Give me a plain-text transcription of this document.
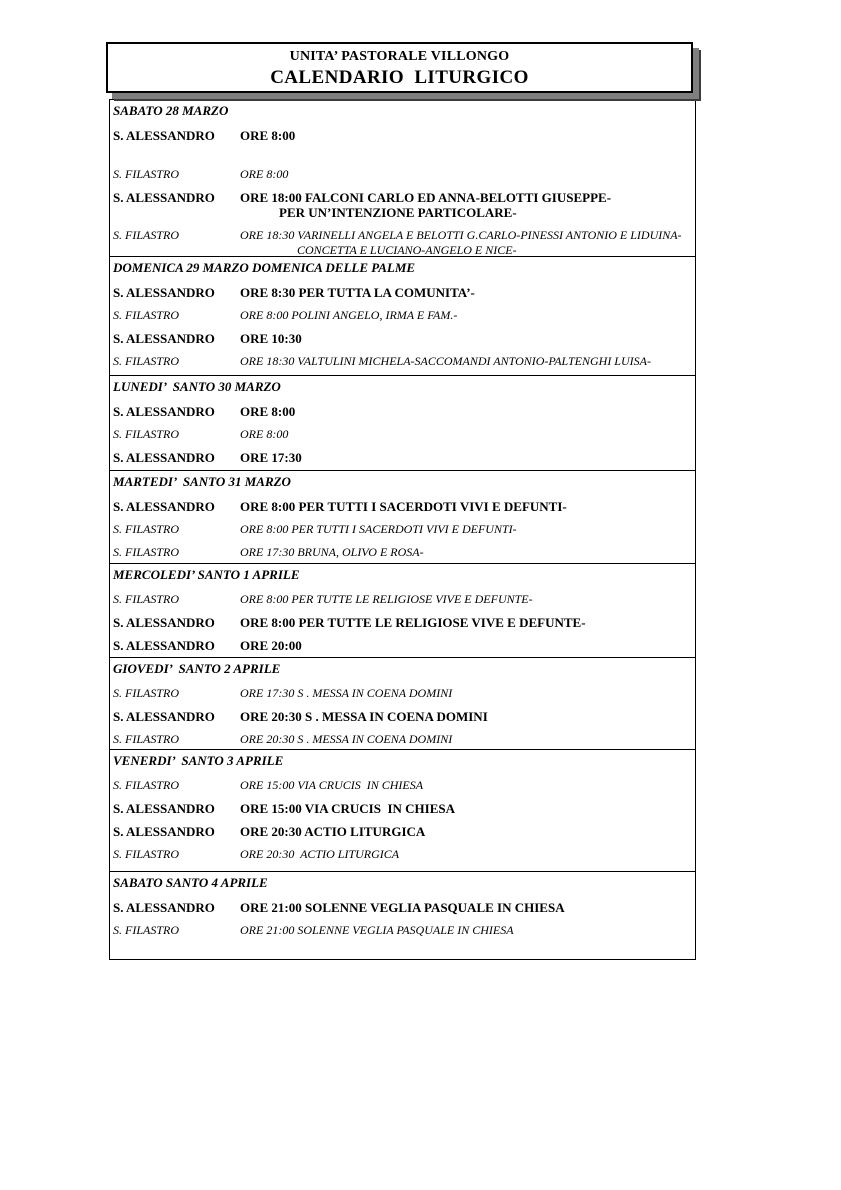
UNITA’ PASTORALE VILLONGO
CALENDARIO  LITURGICO
SABATO 28 MARZO
S. ALESSANDRO	ORE 8:00
S. FILASTRO	ORE 8:00
S. ALESSANDRO	ORE 18:00 FALCONI CARLO ED ANNA-BELOTTI GIUSEPPE-
PER UN’INTENZIONE PARTICOLARE-
S. FILASTRO	ORE 18:30 VARINELLI ANGELA E BELOTTI G.CARLO-PINESSI ANTONIO E LIDUINA-
CONCETTA E LUCIANO-ANGELO E NICE-
DOMENICA 29 MARZO DOMENICA DELLE PALME
S. ALESSANDRO	ORE 8:30 PER TUTTA LA COMUNITA’-
S. FILASTRO	ORE 8:00 POLINI ANGELO, IRMA E FAM.-
S. ALESSANDRO	ORE 10:30
S. FILASTRO	ORE 18:30 VALTULINI MICHELA-SACCOMANDI ANTONIO-PALTENGHI LUISA-
LUNEDI’  SANTO 30 MARZO
S. ALESSANDRO	ORE 8:00
S. FILASTRO	ORE 8:00
S. ALESSANDRO	ORE 17:30
MARTEDI’  SANTO 31 MARZO
S. ALESSANDRO	ORE 8:00 PER TUTTI I SACERDOTI VIVI E DEFUNTI-
S. FILASTRO	ORE 8:00 PER TUTTI I SACERDOTI VIVI E DEFUNTI-
S. FILASTRO	ORE 17:30 BRUNA, OLIVO E ROSA-
MERCOLEDI’ SANTO 1 APRILE
S. FILASTRO	ORE 8:00 PER TUTTE LE RELIGIOSE VIVE E DEFUNTE-
S. ALESSANDRO	ORE 8:00 PER TUTTE LE RELIGIOSE VIVE E DEFUNTE-
S. ALESSANDRO	ORE 20:00
GIOVEDI’  SANTO 2 APRILE
S. FILASTRO	ORE 17:30 S . MESSA IN COENA DOMINI
S. ALESSANDRO	ORE 20:30 S . MESSA IN COENA DOMINI
S. FILASTRO	ORE 20:30 S . MESSA IN COENA DOMINI
VENERDI’  SANTO 3 APRILE
S. FILASTRO	ORE 15:00 VIA CRUCIS  IN CHIESA
S. ALESSANDRO	ORE 15:00 VIA CRUCIS  IN CHIESA
S. ALESSANDRO	ORE 20:30 ACTIO LITURGICA
S. FILASTRO	ORE 20:30  ACTIO LITURGICA
SABATO SANTO 4 APRILE
S. ALESSANDRO	ORE 21:00 SOLENNE VEGLIA PASQUALE IN CHIESA
S. FILASTRO	ORE 21:00 SOLENNE VEGLIA PASQUALE IN CHIESA
